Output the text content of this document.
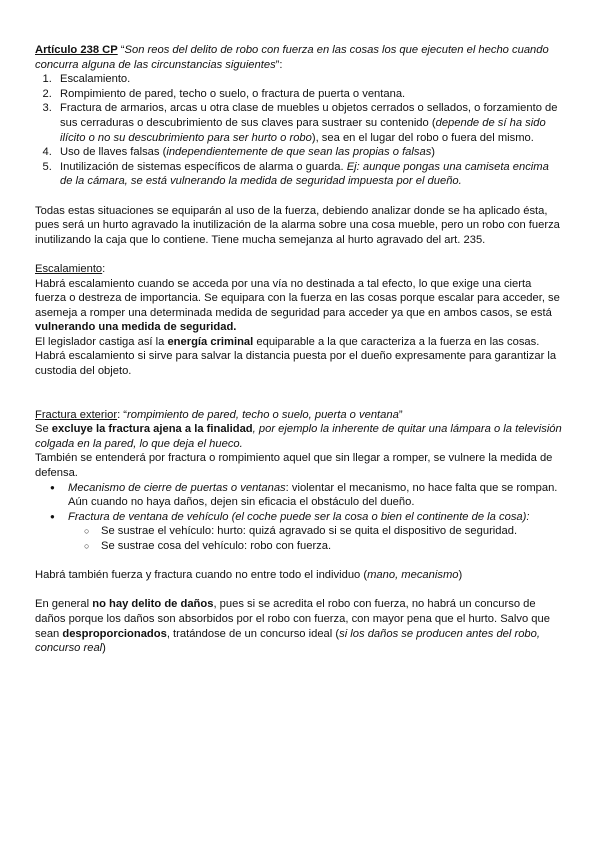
Artículo 238 CP “Son reos del delito de robo con fuerza en las cosas los que ejecuten el hecho cuando concurra alguna de las circunstancias siguientes”:

1. Escalamiento.
2. Rompimiento de pared, techo o suelo, o fractura de puerta o ventana.
3. Fractura de armarios, arcas u otra clase de muebles u objetos cerrados o sellados, o forzamiento de sus cerraduras o descubrimiento de sus claves para sustraer su contenido (depende de sí ha sido ilícito o no su descubrimiento para ser hurto o robo), sea en el lugar del robo o fuera del mismo.
4. Uso de llaves falsas (independientemente de que sean las propias o falsas)
5. Inutilización de sistemas específicos de alarma o guarda. Ej: aunque pongas una camiseta encima de la cámara, se está vulnerando la medida de seguridad impuesta por el dueño.

Todas estas situaciones se equiparán al uso de la fuerza, debiendo analizar donde se ha aplicado ésta, pues será un hurto agravado la inutilización de la alarma sobre una cosa mueble, pero un robo con fuerza inutilizando la caja que lo contiene. Tiene mucha semejanza al hurto agravado del art. 235.

Escalamiento:

Habrá escalamiento cuando se acceda por una vía no destinada a tal efecto, lo que exige una cierta fuerza o destreza de importancia. Se equipara con la fuerza en las cosas porque escalar para acceder, se asemeja a romper una determinada medida de seguridad para acceder ya que en ambos casos, se está vulnerando una medida de seguridad.

El legislador castiga así la energía criminal equiparable a la que caracteriza a la fuerza en las cosas.

Habrá escalamiento si sirve para salvar la distancia puesta por el dueño expresamente para garantizar la custodia del objeto.

Fractura exterior: “rompimiento de pared, techo o suelo, puerta o ventana”

Se excluye la fractura ajena a la finalidad, por ejemplo la inherente de quitar una lámpara o la televisión colgada en la pared, lo que deja el hueco.

También se entenderá por fractura o rompimiento aquel que sin llegar a romper, se vulnere la medida de defensa.

● Mecanismo de cierre de puertas o ventanas: violentar el mecanismo, no hace falta que se rompan. Aún cuando no haya daños, dejen sin eficacia el obstáculo del dueño.
● Fractura de ventana de vehículo (el coche puede ser la cosa o bien el continente de la cosa):
○ Se sustrae el vehículo: hurto: quizá agravado si se quita el dispositivo de seguridad.
○ Se sustrae cosa del vehículo: robo con fuerza.

Habrá también fuerza y fractura cuando no entre todo el individuo (mano, mecanismo)

En general no hay delito de daños, pues si se acredita el robo con fuerza, no habrá un concurso de daños porque los daños son absorbidos por el robo con fuerza, con mayor pena que el hurto. Salvo que sean desproporcionados, tratándose de un concurso ideal (si los daños se producen antes del robo, concurso real)
